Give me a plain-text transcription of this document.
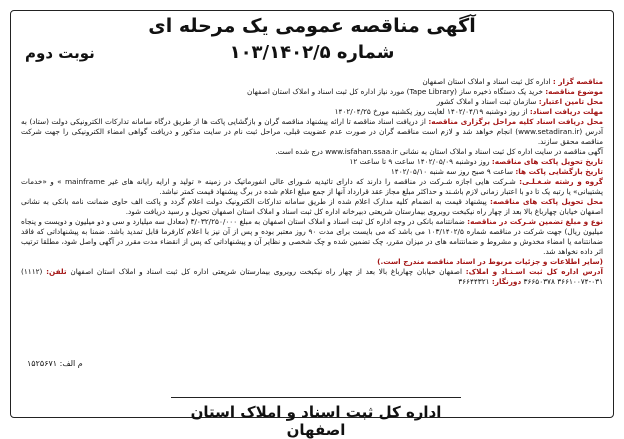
آگهی مناقصه عمومی یک مرحله ای
شماره ۱۰۳/۱۴۰۲/۵
نوبت دوم

مناقصه گزار : اداره کل ثبت اسناد و املاک استان اصفهان

موضوع مناقصه: خرید یک دستگاه ذخیره ساز (Tape Library) مورد نیاز اداره کل ثبت اسناد و املاک استان اصفهان

محل تامین اعتبار: سازمان ثبت اسناد و املاک کشور

مهلت دریافت اسناد: از روز دوشنبه ۱۴۰۲/۰۴/۱۹ لغایت روز یکشنبه مورخ ۱۴۰۲/۰۴/۲۵

محل دریافت اسناد کلیه مراحل برگزاری مناقصه: از دریافت اسناد مناقصه تا ارائه پیشنهاد مناقصه گران و بازگشایی پاکت ها از طریق درگاه سامانه تدارکات الکترونیکی دولت (ستاد) به آدرس (www.setadiran.ir) انجام خواهد شد و لازم است مناقصه گران در صورت عدم عضویت قبلی، مراحل ثبت نام در سایت مذکور و دریافت گواهی امضاء الکترونیکی را جهت شرکت مناقصه محقق سازند.

آگهی مناقصه در سایت اداره کل ثبت اسناد و املاک استان به نشانی www.isfahan.ssaa.ir درج شده است.

تاریخ تحویل پاکت های مناقصه: روز دوشنبه ۱۴۰۲/۰۵/۰۹ ساعت ۹ تا ساعت ۱۲

تاریخ بازگشایی پاکت ها: ساعت ۹ صبح روز سه شنبه ۱۴۰۲/۰۵/۱۰

گروه و رشته شـغـلـی: شـرکت هایی اجازه شـرکت در مناقصه را دارند که دارای تائیدیه شـورای عالی انفورماتیک در زمینه « تولید و ارایه رایانه های غیر mainframe » و «خدمات پشتیبانی» یا رتبه یک تا دو با اعتبار زمانی لازم باشـند و حداکثر مبلغ مجاز عقد قرارداد آنها از جمع مبلغ اعلام شده در برگ پیشنهاد قیمت کمتر نباشد.

محل تحویل پاکت های مناقصه: پیشنهاد قیمت به انضمام کلیه مدارک اعلام شده از طریق سامانه تدارکات الکترونیک دولت اعلام گردد و پاکت الف حاوی ضمانت نامه بانکی به نشانی اصفهان خیابان چهارباغ بالا بعد از چهار راه نیکبخت روبروی بیمارستان شریعتی دبیرخانه اداره کل ثبت اسناد و املاک استان اصفهان تحویل و رسید دریافت شود.

نوع و مبلغ تضمین شـرکت در مناقصه: ضمانتنامه بانکی در وجه اداره کل ثبت اسناد و املاک استان اصفهان به مبلغ ۳/۰۳۲/۲۵۰/۰۰۰ (معادل سه میلیارد و سی و دو میلیون و دویست و پنجاه میلیون ریال) جهت شرکت در مناقصه شماره ۱۰۳/۱۴۰۲/۵ می باشد که می بایست برای مدت ۹۰ روز معتبر بوده و پس از آن نیز با اعلام کارفرما قابل تمدید باشد. ضمنا به پیشنهاداتی که فاقد ضمانتنامه یا امضاء مخدوش و مشروط و ضمانتنامه های در میزان مقرر، چک تضمین شده و چک شخصی و نظایر آن و پیشنهاداتی که پس از انقضاء مدت مقرر در آگهی واصل شود، مطلقا ترتیب اثر داده نخواهد شد.

(سایر اطلاعات و جزئیات مربوط در اسناد مناقصه مندرج است.)

آدرس اداره کل ثبت اسـنـاد و املاک: اصفهان خیابان چهارباغ بالا بعد از چهار راه نیکبخت روبروی بیمارستان شریعتی اداره کل ثبت اسناد و املاک استان اصفهان تلفن: (۱۱۱۲) ۰۳۱-۳۶۶۱۰۰۷۴ ۳۶۶۵۰۳۷۸ دورنگار: ۳۶۶۴۴۳۲۱

م الف: ۱۵۲۵۶۷۱
اداره کل ثبت اسناد و املاک استان اصفهان
